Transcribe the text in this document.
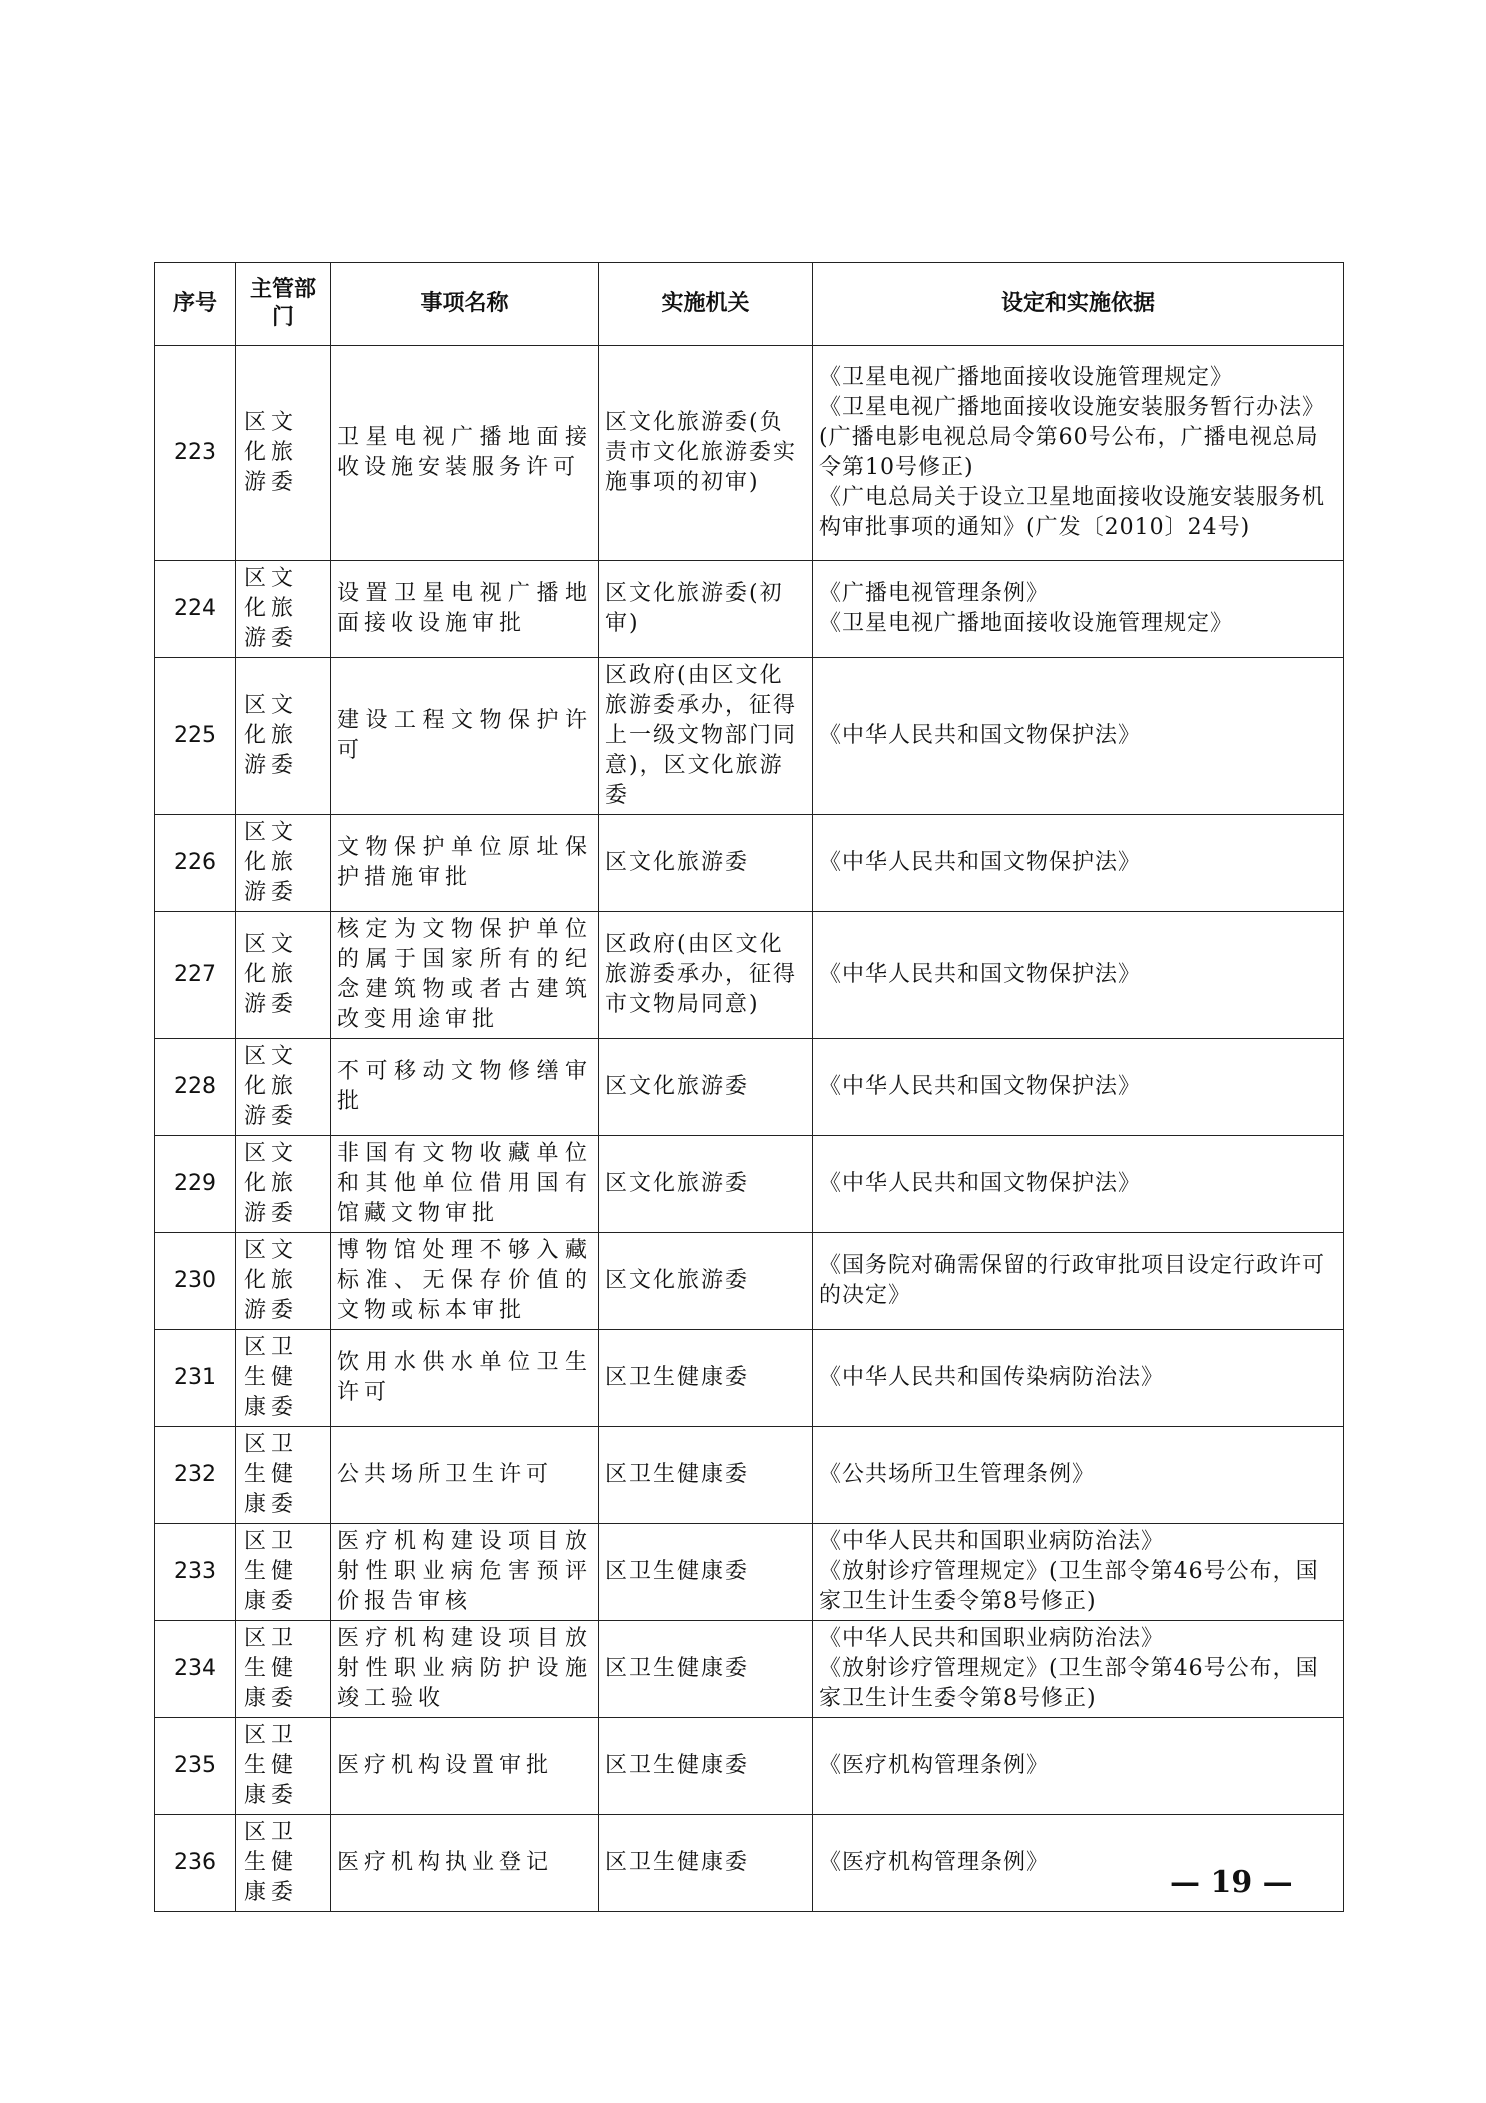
序号	主管部门	事项名称	实施机关	设定和实施依据
223	区文化旅游委	卫星电视广播地面接收设施安装服务许可	区文化旅游委(负责市文化旅游委实施事项的初审)	《卫星电视广播地面接收设施管理规定》
《卫星电视广播地面接收设施安装服务暂行办法》(广播电影电视总局令第60号公布，广播电视总局令第10号修正)
《广电总局关于设立卫星地面接收设施安装服务机构审批事项的通知》(广发〔2010〕24号)
224	区文化旅游委	设置卫星电视广播地面接收设施审批	区文化旅游委(初审)	《广播电视管理条例》
《卫星电视广播地面接收设施管理规定》
225	区文化旅游委	建设工程文物保护许可	区政府(由区文化旅游委承办，征得上一级文物部门同意)，区文化旅游委	《中华人民共和国文物保护法》
226	区文化旅游委	文物保护单位原址保护措施审批	区文化旅游委	《中华人民共和国文物保护法》
227	区文化旅游委	核定为文物保护单位的属于国家所有的纪念建筑物或者古建筑改变用途审批	区政府(由区文化旅游委承办，征得市文物局同意)	《中华人民共和国文物保护法》
228	区文化旅游委	不可移动文物修缮审批	区文化旅游委	《中华人民共和国文物保护法》
229	区文化旅游委	非国有文物收藏单位和其他单位借用国有馆藏文物审批	区文化旅游委	《中华人民共和国文物保护法》
230	区文化旅游委	博物馆处理不够入藏标准、无保存价值的文物或标本审批	区文化旅游委	《国务院对确需保留的行政审批项目设定行政许可的决定》
231	区卫生健康委	饮用水供水单位卫生许可	区卫生健康委	《中华人民共和国传染病防治法》
232	区卫生健康委	公共场所卫生许可	区卫生健康委	《公共场所卫生管理条例》
233	区卫生健康委	医疗机构建设项目放射性职业病危害预评价报告审核	区卫生健康委	《中华人民共和国职业病防治法》
《放射诊疗管理规定》(卫生部令第46号公布，国家卫生计生委令第8号修正)
234	区卫生健康委	医疗机构建设项目放射性职业病防护设施竣工验收	区卫生健康委	《中华人民共和国职业病防治法》
《放射诊疗管理规定》(卫生部令第46号公布，国家卫生计生委令第8号修正)
235	区卫生健康委	医疗机构设置审批	区卫生健康委	《医疗机构管理条例》
236	区卫生健康委	医疗机构执业登记	区卫生健康委	《医疗机构管理条例》
— 19 —
